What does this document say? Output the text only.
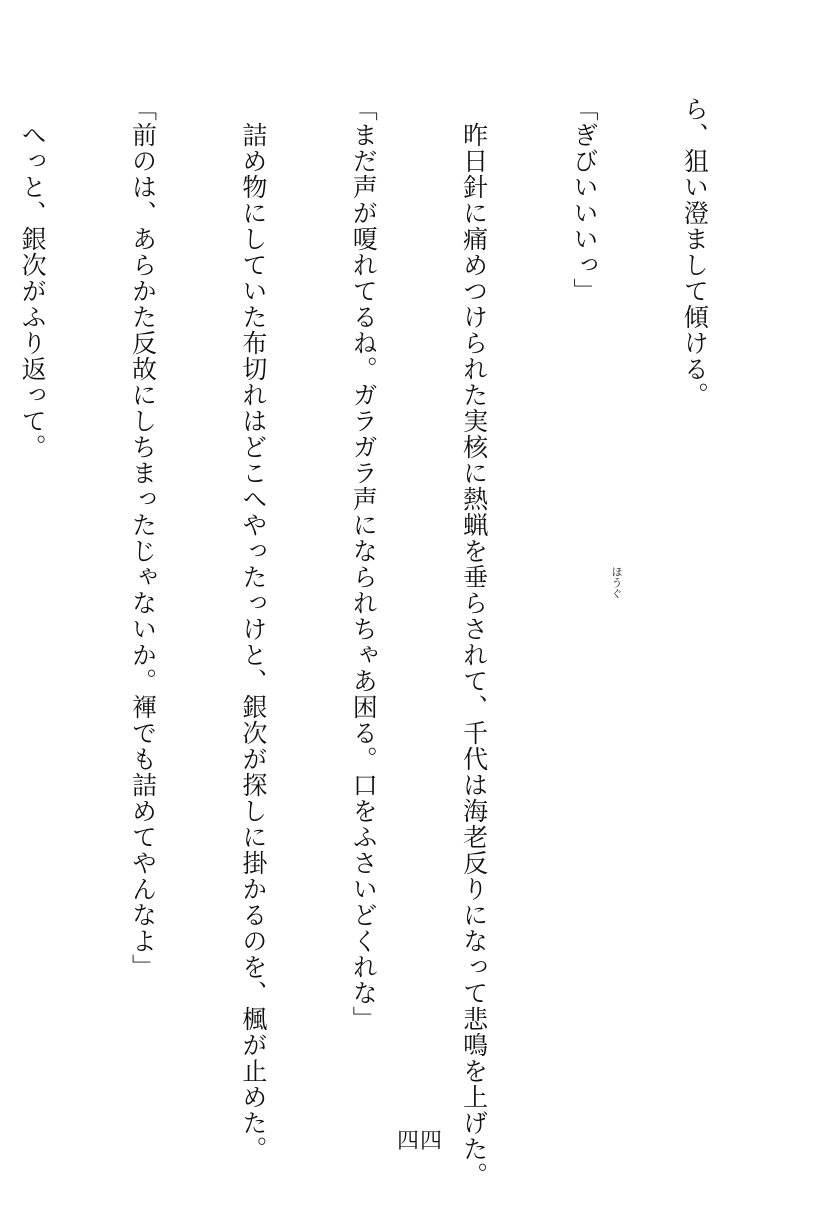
ら、狙い澄まして傾ける。

「ぎびいいいっ」

　昨日針に痛めつけられた実核に熱蝋を垂らされて、千代は海老反りになって悲鳴を上げた。

「まだ声が嗄れてるね。ガラガラ声になられちゃあ困る。口をふさいどくれな」

　詰め物にしていた布切れはどこへやったっけと、銀次が探しに掛かるのを、楓が止めた。

「前のは、あらかた反故にしちまったじゃないか。褌でも詰めてやんなよ」

　へっと、銀次がふり返って。

ほうぐ
四四
